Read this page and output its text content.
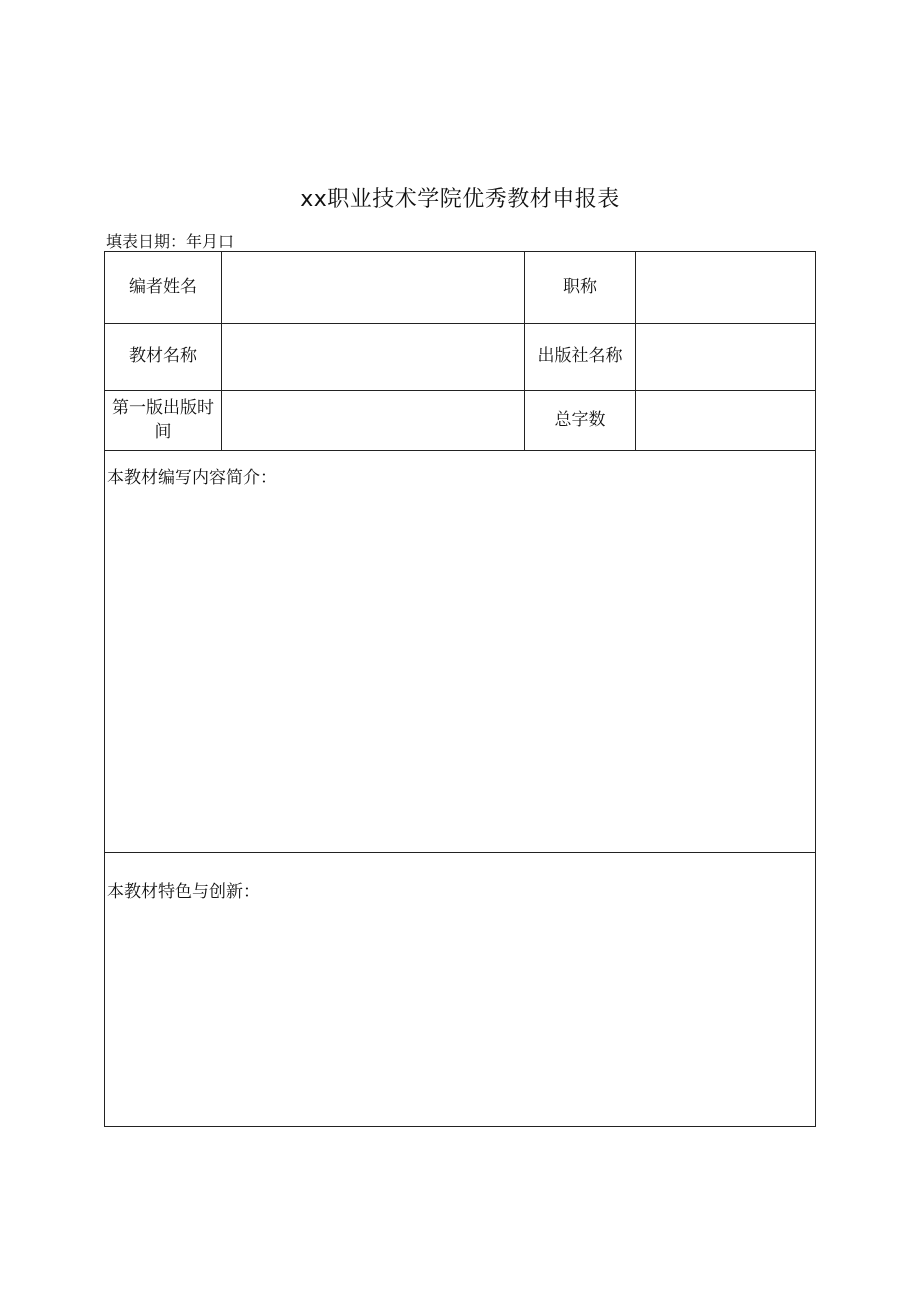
xx职业技术学院优秀教材申报表
填表日期：年月口
编者姓名	职称
教材名称	出版社名称
第一版出版时间
总字数
本教材编写内容简介：
本教材特色与创新：
